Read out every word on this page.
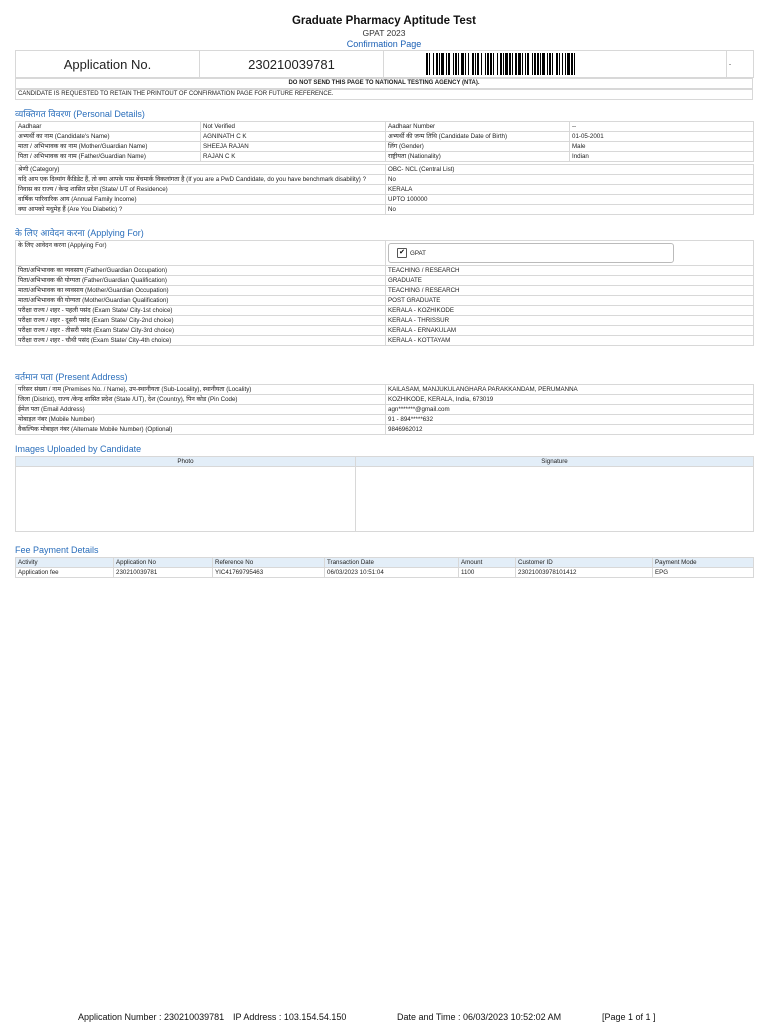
Graduate Pharmacy Aptitude Test
GPAT 2023
Confirmation Page
Application No.	230210039781		-
DO NOT SEND THIS PAGE TO NATIONAL TESTING AGENCY (NTA).
CANDIDATE IS REQUESTED TO RETAIN THE PRINTOUT OF CONFIRMATION PAGE FOR FUTURE REFERENCE.
व्यक्तिगत विवरण (Personal Details)
Aadhaar	Not Verified	Aadhaar Number	--
अभ्यर्थी का नाम (Candidate's Name)	AGNINATH C K	अभ्यर्थी की जन्म तिथि (Candidate Date of Birth)	01-05-2001
माता / अभिभावक का नाम (Mother/Guardian Name)	SHEEJA RAJAN	लिंग (Gender)	Male
पिता / अभिभावक का नाम (Father/Guardian Name)	RAJAN C K	राष्ट्रीयता (Nationality)	Indian
श्रेणी (Category)	OBC- NCL (Central List)
यदि आप एक दिव्यांग कैंडिडेट हैं, तो क्या आपके पास बेंचमार्क विकलांगता है (If you are a PwD Candidate, do you have benchmark disability) ?	No
निवास का राज्य / केन्द्र शासित प्रदेश (State/ UT of Residence)	KERALA
वार्षिक पारिवारिक आय (Annual Family Income)	UPTO 100000
क्या आपको मधुमेह हैं (Are You Diabetic) ?	No
के लिए आवेदन करना (Applying For)
के लिए आवेदन करना (Applying For)	✔ GPAT

पिता/अभिभावक का व्यवसाय (Father/Guardian Occupation)	TEACHING / RESEARCH
पिता/अभिभावक की योग्यता (Father/Guardian Qualification)	GRADUATE
माता/अभिभावक का व्यवसाय (Mother/Guardian Occupation)	TEACHING / RESEARCH
माता/अभिभावक की योग्यता (Mother/Guardian Qualification)	POST GRADUATE
परीक्षा राज्य / शहर - पहली पसंद (Exam State/ City-1st choice)	KERALA - KOZHIKODE
परीक्षा राज्य / शहर - दूसरी पसंद (Exam State/ City-2nd choice)	KERALA - THRISSUR
परीक्षा राज्य / शहर - तीसरी पसंद (Exam State/ City-3rd choice)	KERALA - ERNAKULAM
परीक्षा राज्य / शहर - चौथी पसंद (Exam State/ City-4th choice)	KERALA - KOTTAYAM
वर्तमान पता (Present Address)
परिसर संख्या / नाम (Premises No. / Name), उप-स्थानीयता (Sub-Locality), स्थानीयता (Locality)	KAILASAM, MANJUKULANGHARA PARAKKANDAM, PERUMANNA
जिला (District), राज्य /केन्द्र शासित प्रदेश (State /UT), देश (Country), पिन कोड (Pin Code)	KOZHIKODE, KERALA, India, 673019
ईमेल पता (Email Address)	agn*******@gmail.com
मोबाइल नंबर (Mobile Number)	91 - 894*****632
वैकल्पिक मोबाइल नंबर (Alternate Mobile Number) (Optional)	9846962012
Images Uploaded by Candidate
Photo	Signature

Fee Payment Details
Activity	Application No	Reference No	Transaction Date	Amount	Customer ID	Payment Mode
Application fee	230210039781	YIC41769795463	06/03/2023 10:51:04	1100	23021003978101412	EPG
Application Number : 230210039781 IP Address : 103.154.54.150	Date and Time : 06/03/2023 10:52:02 AM	[Page 1 of 1 ]
